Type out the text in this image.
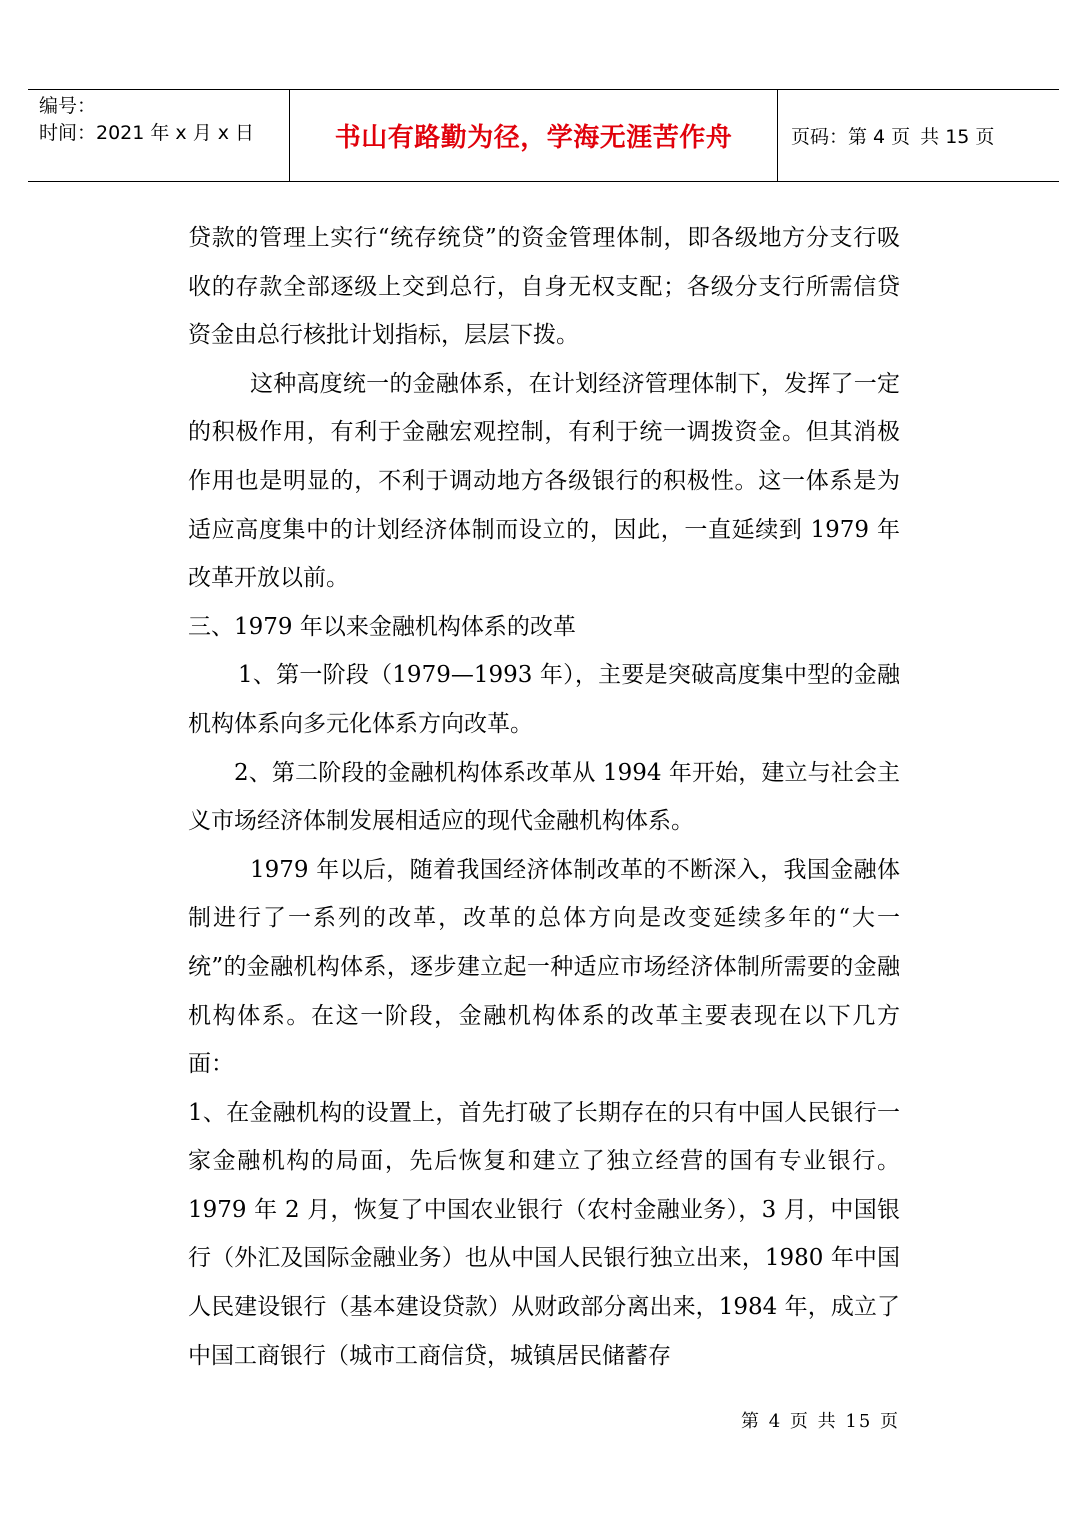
编号：
时间：2021 年 x 月 x 日	书山有路勤为径，学海无涯苦作舟	页码：第 4 页 共 15 页

贷款的管理上实行“统存统贷”的资金管理体制，即各级地方分支行吸收的存款全部逐级上交到总行，自身无权支配；各级分支行所需信贷资金由总行核批计划指标，层层下拨。

这种高度统一的金融体系，在计划经济管理体制下，发挥了一定的积极作用，有利于金融宏观控制，有利于统一调拨资金。但其消极作用也是明显的，不利于调动地方各级银行的积极性。这一体系是为适应高度集中的计划经济体制而设立的，因此，一直延续到 1979 年改革开放以前。

三、1979 年以来金融机构体系的改革

1、第一阶段（1979—1993 年），主要是突破高度集中型的金融机构体系向多元化体系方向改革。

2、第二阶段的金融机构体系改革从 1994 年开始，建立与社会主义市场经济体制发展相适应的现代金融机构体系。

1979 年以后，随着我国经济体制改革的不断深入，我国金融体制进行了一系列的改革，改革的总体方向是改变延续多年的“大一统”的金融机构体系，逐步建立起一种适应市场经济体制所需要的金融机构体系。在这一阶段，金融机构体系的改革主要表现在以下几方面：

1、在金融机构的设置上，首先打破了长期存在的只有中国人民银行一家金融机构的局面，先后恢复和建立了独立经营的国有专业银行。1979 年 2 月，恢复了中国农业银行（农村金融业务），3 月，中国银行（外汇及国际金融业务）也从中国人民银行独立出来，1980 年中国人民建设银行（基本建设贷款）从财政部分离出来，1984 年，成立了中国工商银行（城市工商信贷，城镇居民储蓄存

第 4 页 共 15 页
